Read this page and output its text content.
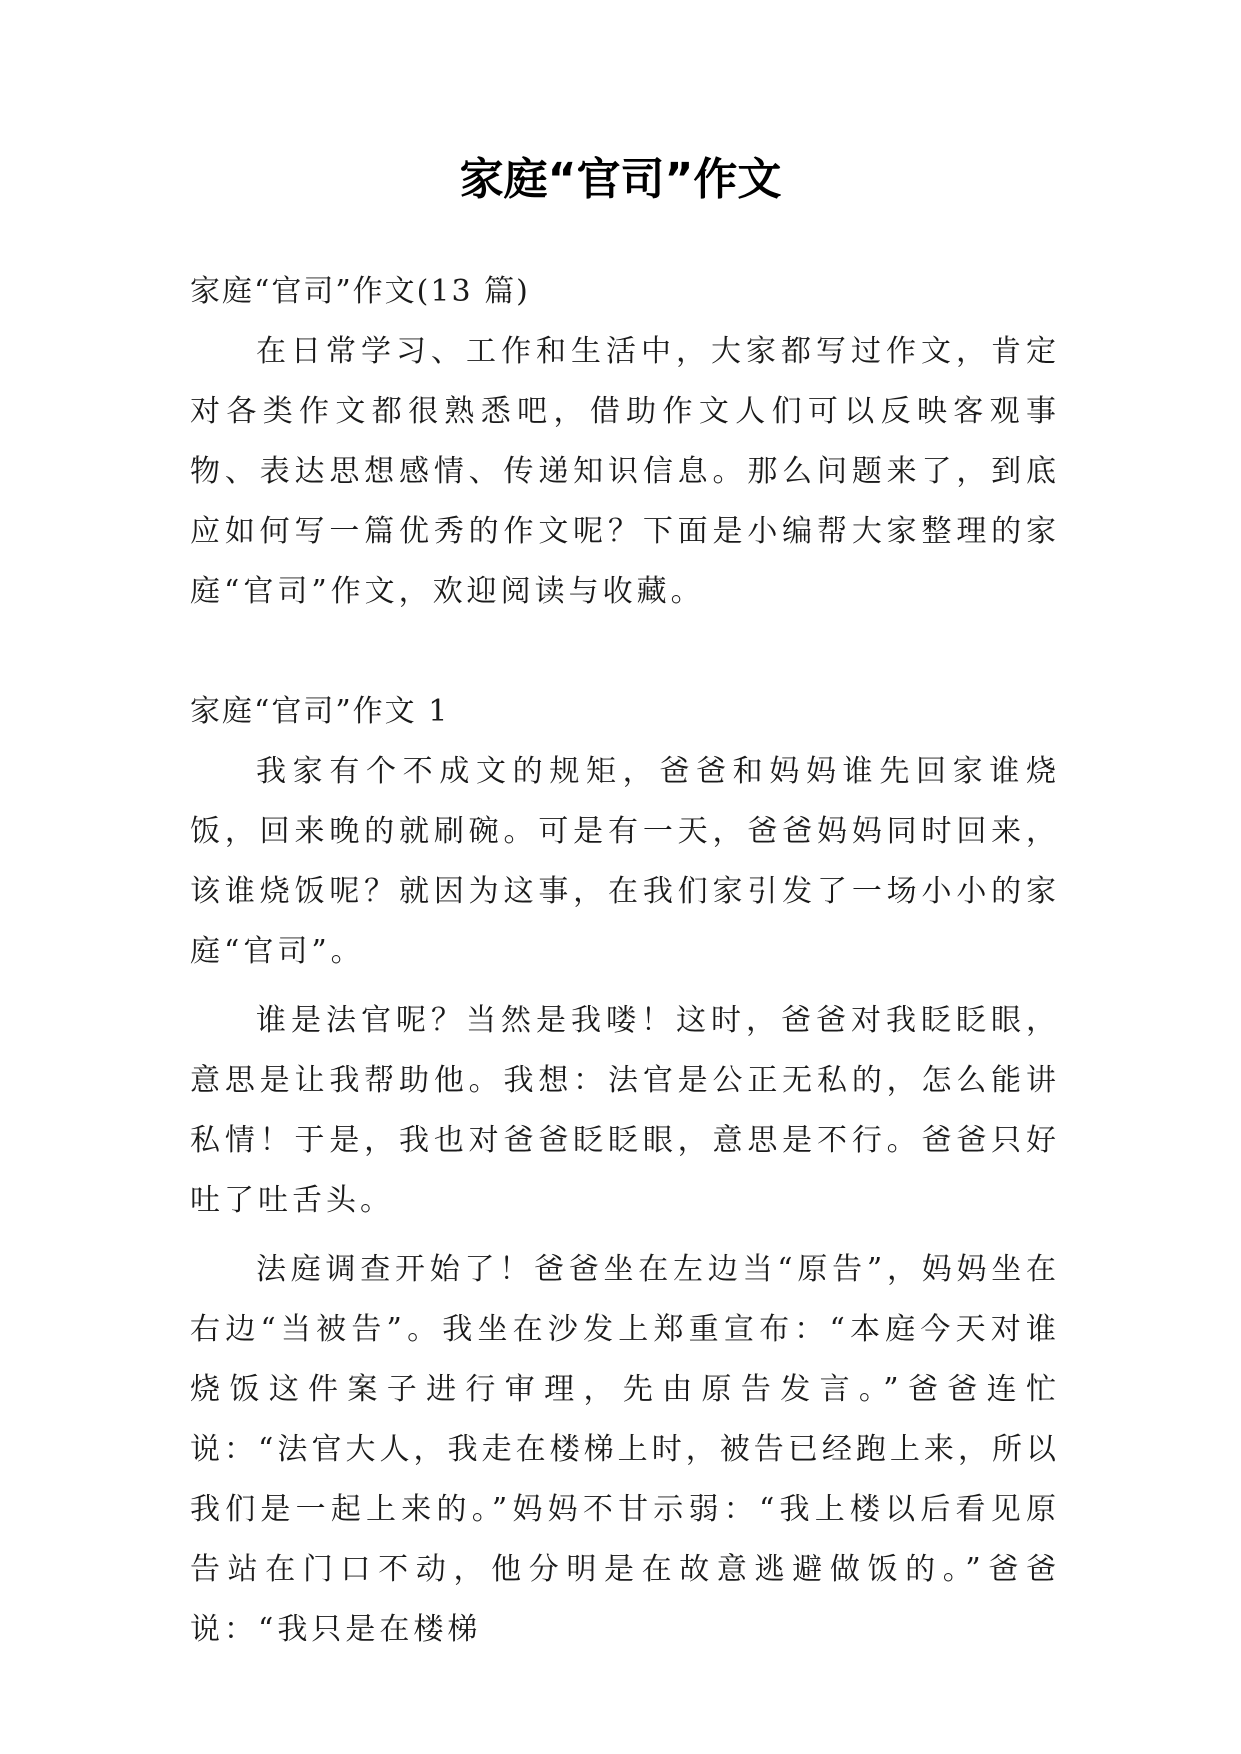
家庭“官司”作文

家庭“官司”作文(13 篇)

在日常学习、工作和生活中，大家都写过作文，肯定对各类作文都很熟悉吧，借助作文人们可以反映客观事物、表达思想感情、传递知识信息。那么问题来了，到底应如何写一篇优秀的作文呢？下面是小编帮大家整理的家庭“官司”作文，欢迎阅读与收藏。

家庭“官司”作文 1

我家有个不成文的规矩，爸爸和妈妈谁先回家谁烧饭，回来晚的就刷碗。可是有一天，爸爸妈妈同时回来，该谁烧饭呢？就因为这事，在我们家引发了一场小小的家庭“官司”。

谁是法官呢？当然是我喽！这时，爸爸对我眨眨眼，意思是让我帮助他。我想：法官是公正无私的，怎么能讲私情！于是，我也对爸爸眨眨眼，意思是不行。爸爸只好吐了吐舌头。

法庭调查开始了！爸爸坐在左边当“原告”，妈妈坐在右边“当被告”。我坐在沙发上郑重宣布：“本庭今天对谁烧饭这件案子进行审理，先由原告发言。”爸爸连忙说：“法官大人，我走在楼梯上时，被告已经跑上来，所以我们是一起上来的。”妈妈不甘示弱：“我上楼以后看见原告站在门口不动，他分明是在故意逃避做饭的。”爸爸说：“我只是在楼梯
